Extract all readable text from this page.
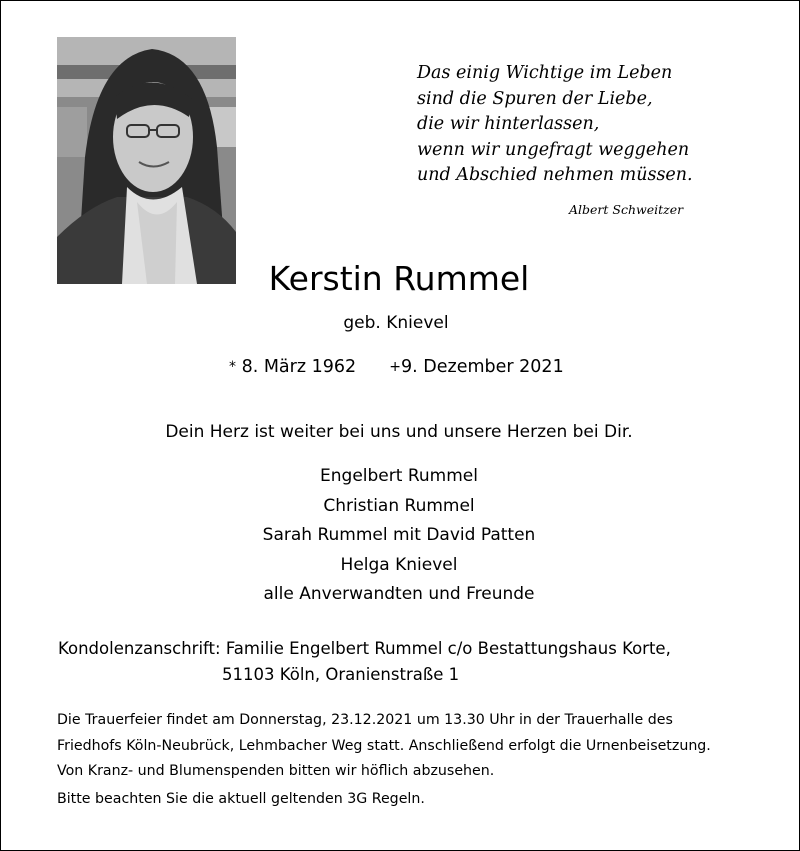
Das einig Wichtige im Leben
sind die Spuren der Liebe,
die wir hinterlassen,
wenn wir ungefragt weggehen
und Abschied nehmen müssen.
Albert Schweitzer
Kerstin Rummel
geb. Knievel
* 8. März 1962 +9. Dezember 2021
Dein Herz ist weiter bei uns und unsere Herzen bei Dir.
Engelbert Rummel
Christian Rummel
Sarah Rummel mit David Patten
Helga Knievel
alle Anverwandten und Freunde
Kondolenzanschrift: Familie Engelbert Rummel c/o Bestattungshaus Korte,
51103 Köln, Oranienstraße 1
Die Trauerfeier findet am Donnerstag, 23.12.2021 um 13.30 Uhr in der Trauerhalle des
Friedhofs Köln-Neubrück, Lehmbacher Weg statt. Anschließend erfolgt die Urnenbeisetzung.
Von Kranz- und Blumenspenden bitten wir höflich abzusehen.
Bitte beachten Sie die aktuell geltenden 3G Regeln.
